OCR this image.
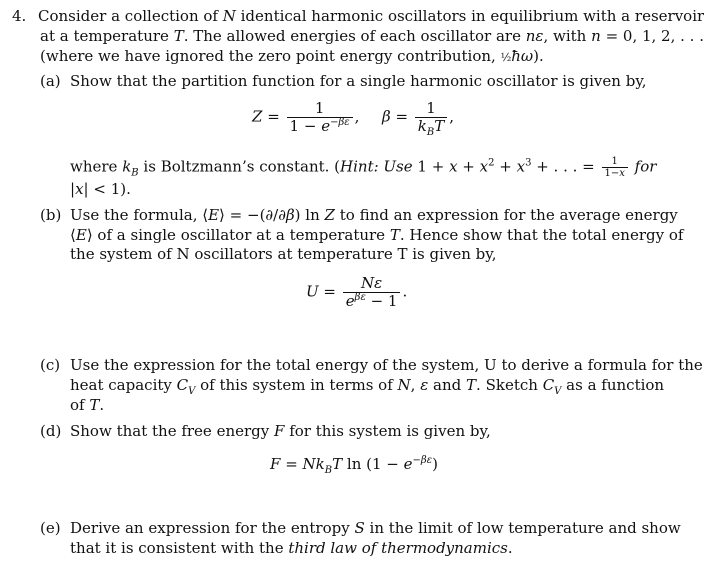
4. Consider a collection of N identical harmonic oscillators in equilibrium with a reservoir
at a temperature T. The allowed energies of each oscillator are nε, with n = 0, 1, 2, . . .
(where we have ignored the zero point energy contribution, ½ħω).
(a) Show that the partition function for a single harmonic oscillator is given by,
$Z = \frac{1}{1 - e^{-\beta\varepsilon}}$ , $\beta = \frac{1}{k_BT}$ ,
where $k_B$ is Boltzmann’s constant. (Hint: Use $1 + x + x^2 + x^3$ + . . . = $\frac{1}{1-x}$ for
|x| < 1).
(b) Use the formula, ⟨E⟩ = −(∂/∂β) ln Z to find an expression for the average energy
⟨E⟩ of a single oscillator at a temperature T. Hence show that the total energy of
the system of N oscillators at temperature T is given by,
$U = \frac{N\varepsilon}{e^{\beta\varepsilon} - 1}$ .
(c) Use the expression for the total energy of the system, U to derive a formula for the
heat capacity $C_V$ of this system in terms of N, ε and T. Sketch $C_V$ as a function
of T.
(d) Show that the free energy F for this system is given by,
$F = Nk_BT$ $\ln (1 - e^{-\beta\varepsilon})$
(e) Derive an expression for the entropy S in the limit of low temperature and show
that it is consistent with the third law of thermodynamics.
